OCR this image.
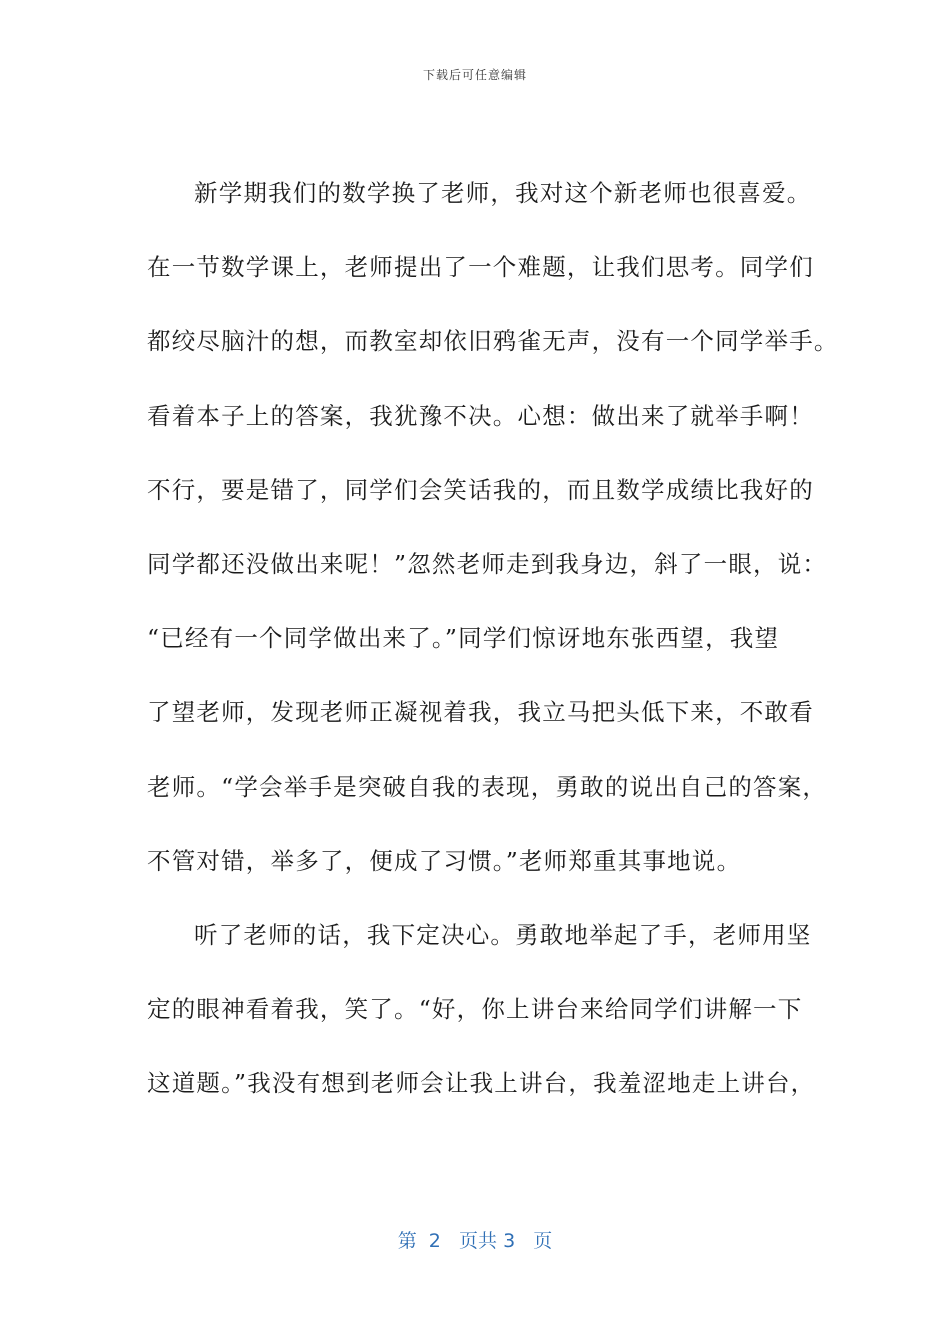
下载后可任意编辑
新学期我们的数学换了老师，我对这个新老师也很喜爱。
在一节数学课上，老师提出了一个难题，让我们思考。同学们
都绞尽脑汁的想，而教室却依旧鸦雀无声，没有一个同学举手。
看着本子上的答案，我犹豫不决。心想：做出来了就举手啊！
不行，要是错了，同学们会笑话我的，而且数学成绩比我好的
同学都还没做出来呢！”忽然老师走到我身边，斜了一眼，说：
“已经有一个同学做出来了。”同学们惊讶地东张西望，我望
了望老师，发现老师正凝视着我，我立马把头低下来，不敢看
老师。“学会举手是突破自我的表现，勇敢的说出自己的答案，
不管对错，举多了，便成了习惯。”老师郑重其事地说。
听了老师的话，我下定决心。勇敢地举起了手，老师用坚
定的眼神看着我，笑了。“好，你上讲台来给同学们讲解一下
这道题。”我没有想到老师会让我上讲台，我羞涩地走上讲台，
第 2 页共 3 页
